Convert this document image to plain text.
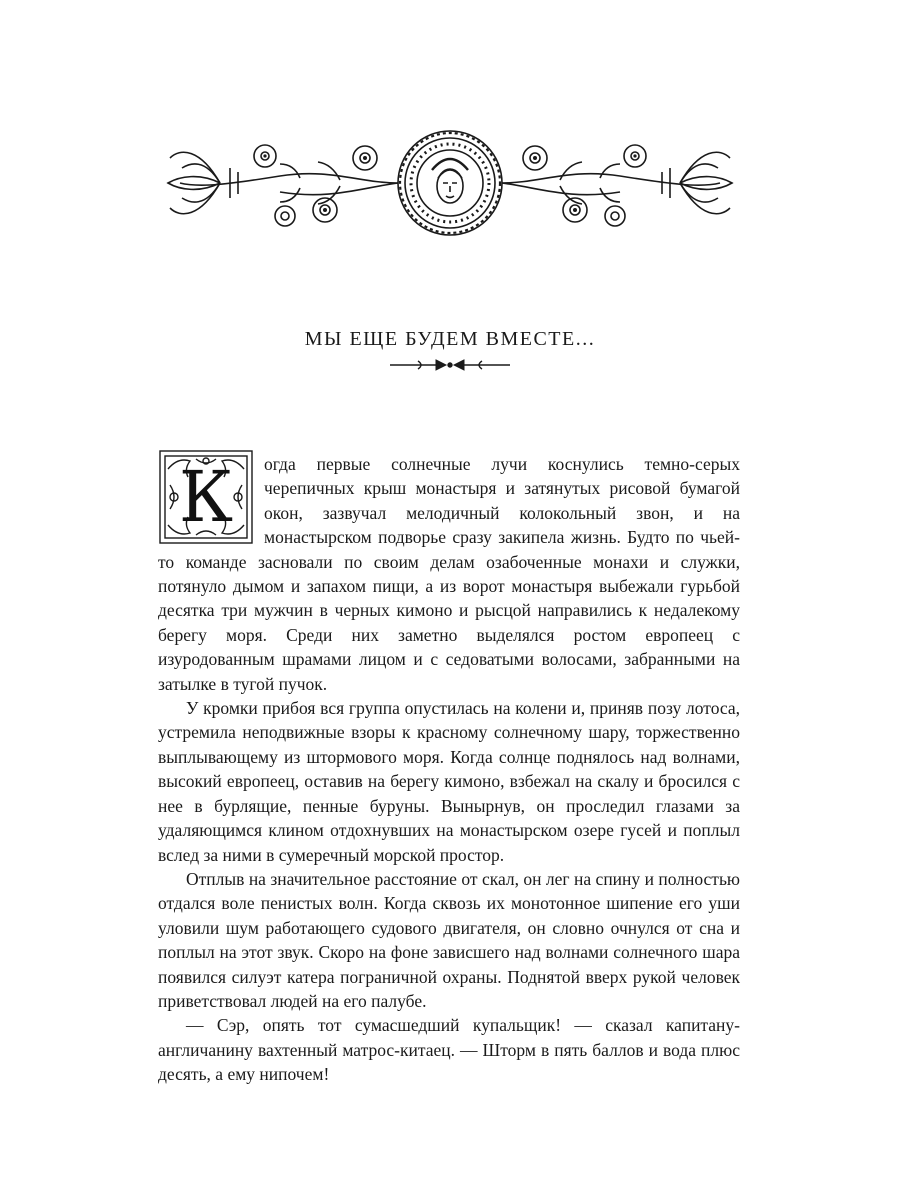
МЫ ЕЩЕ БУДЕМ ВМЕСТЕ...

К	огда первые солнечные лучи коснулись темно-серых черепичных крыш монастыря и затянутых рисовой бумагой окон, зазвучал мелодичный колокольный звон, и на монастырском подворье сразу закипела жизнь. Будто по чьей-то команде засновали по своим делам озабоченные монахи и служки, потянуло дымом и запахом пищи, а из ворот монастыря выбежали гурьбой десятка три мужчин в черных кимоно и рысцой направились к недалекому берегу моря. Среди них заметно выделялся ростом европеец с изуродованным шрамами лицом и с седоватыми волосами, забранными на затылке в тугой пучок.

У кромки прибоя вся группа опустилась на колени и, приняв позу лотоса, устремила неподвижные взоры к красному солнечному шару, торжественно выплывающему из штормового моря. Когда солнце поднялось над волнами, высокий европеец, оставив на берегу кимоно, взбежал на скалу и бросился с нее в бурлящие, пенные буруны. Вынырнув, он проследил глазами за удаляющимся клином отдохнувших на монастырском озере гусей и поплыл вслед за ними в сумеречный морской простор.

Отплыв на значительное расстояние от скал, он лег на спину и полностью отдался воле пенистых волн. Когда сквозь их монотонное шипение его уши уловили шум работающего судового двигателя, он словно очнулся от сна и поплыл на этот звук. Скоро на фоне зависшего над волнами солнечного шара появился силуэт катера пограничной охраны. Поднятой вверх рукой человек приветствовал людей на его палубе.

— Сэр, опять тот сумасшедший купальщик! — сказал капитану-англичанину вахтенный матрос-китаец. — Шторм в пять баллов и вода плюс десять, а ему нипочем!
